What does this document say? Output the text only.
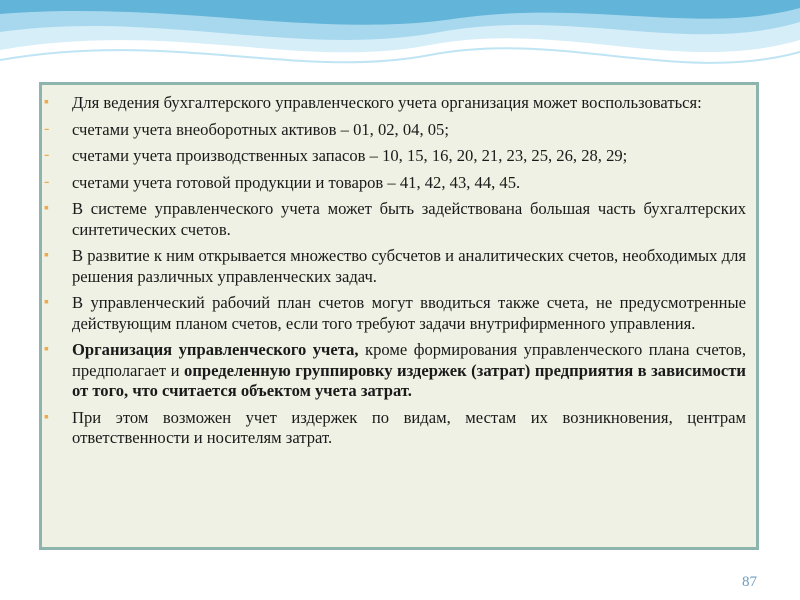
▪ Для ведения бухгалтерского управленческого учета организация может воспользоваться:
- счетами учета внеоборотных активов – 01, 02, 04, 05;
- счетами учета производственных запасов – 10, 15, 16, 20, 21, 23, 25, 26, 28, 29;
- счетами учета готовой продукции и товаров – 41, 42, 43, 44, 45.
▪ В системе управленческого учета может быть задействована большая часть бухгалтерских синтетических счетов.
▪ В развитие к ним открывается множество субсчетов и аналитических счетов, необходимых для решения различных управленческих задач.
▪ В управленческий рабочий план счетов могут вводиться также счета, не предусмотренные действующим планом счетов, если того требуют задачи внутрифирменного управления.
▪ Организация управленческого учета, кроме формирования управленческого плана счетов, предполагает и определенную группировку издержек (затрат) предприятия в зависимости от того, что считается объектом учета затрат.
▪ При этом возможен учет издержек по видам, местам их возникновения, центрам ответственности и носителям затрат.
87
